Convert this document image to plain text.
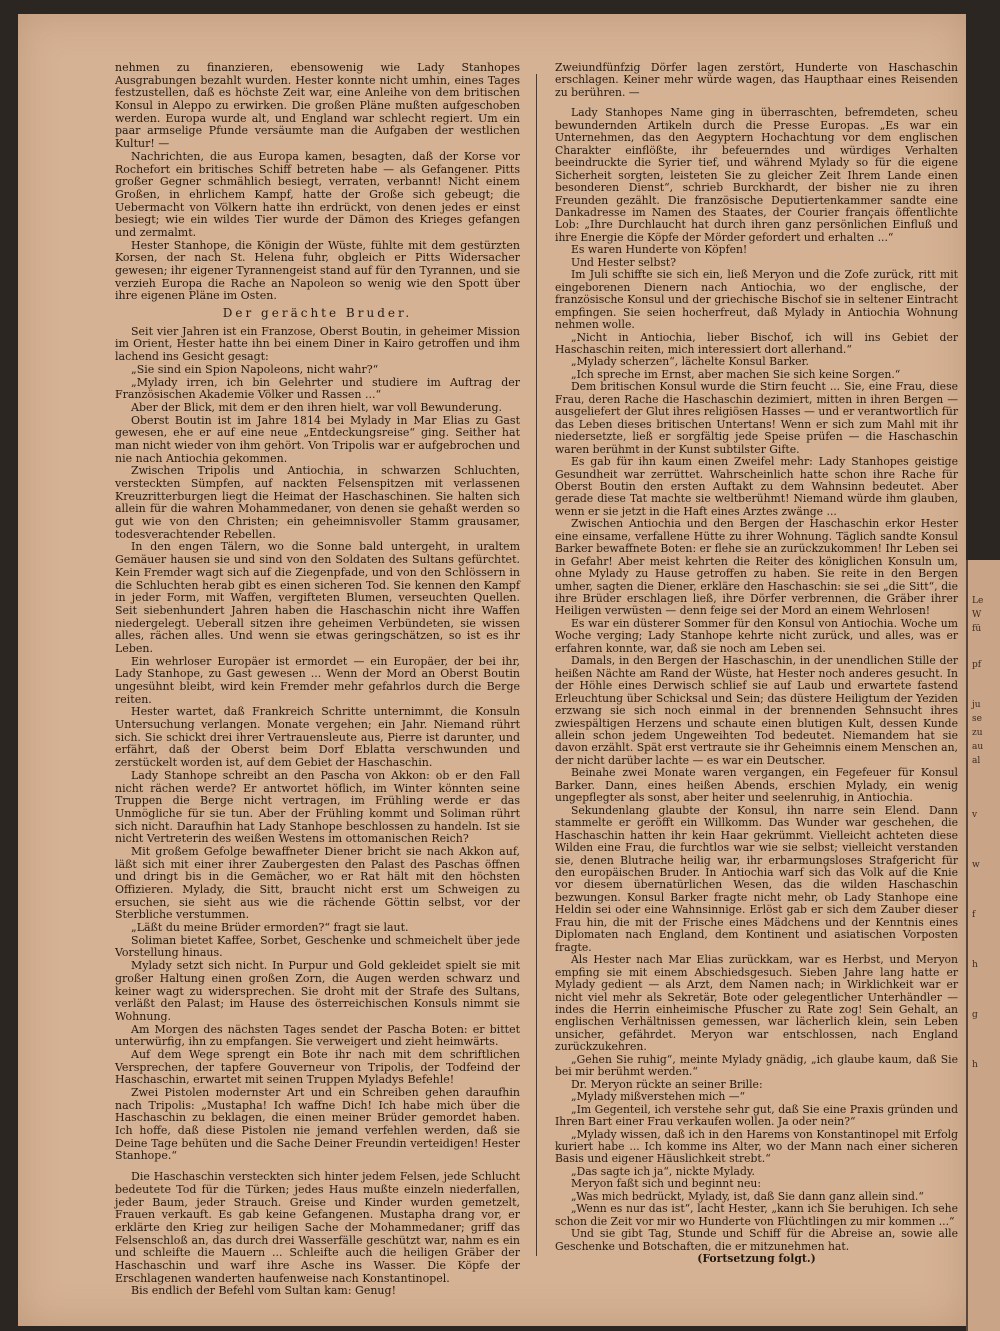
Le
W
fü
pf
ju
se
zu
au
al
v
w
f
h
g
h

nehmen zu finanzieren, ebensowenig wie Lady Stanhopes Ausgrabungen bezahlt wurden. Hester konnte nicht umhin, eines Tages festzustellen, daß es höchste Zeit war, eine Anleihe von dem britischen Konsul in Aleppo zu erwirken. Die großen Pläne mußten aufgeschoben werden. Europa wurde alt, und England war schlecht regiert. Um ein paar armselige Pfunde versäumte man die Aufgaben der westlichen Kultur! —

Nachrichten, die aus Europa kamen, besagten, daß der Korse vor Rochefort ein britisches Schiff betreten habe — als Gefangener. Pitts großer Gegner schmählich besiegt, verraten, verbannt! Nicht einem Großen, in ehrlichem Kampf, hatte der Große sich gebeugt; die Uebermacht von Völkern hatte ihn erdrückt, von denen jedes er einst besiegt; wie ein wildes Tier wurde der Dämon des Krieges gefangen und zermalmt.

Hester Stanhope, die Königin der Wüste, fühlte mit dem gestürzten Korsen, der nach St. Helena fuhr, obgleich er Pitts Widersacher gewesen; ihr eigener Tyrannengeist stand auf für den Tyrannen, und sie verzieh Europa die Rache an Napoleon so wenig wie den Spott über ihre eigenen Pläne im Osten.

Der gerächte Bruder.

Seit vier Jahren ist ein Franzose, Oberst Boutin, in geheimer Mission im Orient, Hester hatte ihn bei einem Diner in Kairo getroffen und ihm lachend ins Gesicht gesagt:

„Sie sind ein Spion Napoleons, nicht wahr?“

„Mylady irren, ich bin Gelehrter und studiere im Auftrag der Französischen Akademie Völker und Rassen ...“

Aber der Blick, mit dem er den ihren hielt, war voll Bewunderung.

Oberst Boutin ist im Jahre 1814 bei Mylady in Mar Elias zu Gast gewesen, ehe er auf eine neue „Entdeckungsreise“ ging. Seither hat man nicht wieder von ihm gehört. Von Tripolis war er aufgebrochen und nie nach Antiochia gekommen.

Zwischen Tripolis und Antiochia, in schwarzen Schluchten, versteckten Sümpfen, auf nackten Felsenspitzen mit verlassenen Kreuzritterburgen liegt die Heimat der Haschaschinen. Sie halten sich allein für die wahren Mohammedaner, von denen sie gehaßt werden so gut wie von den Christen; ein geheimnisvoller Stamm grausamer, todesverachtender Rebellen.

In den engen Tälern, wo die Sonne bald untergeht, in uraltem Gemäuer hausen sie und sind von den Soldaten des Sultans gefürchtet. Kein Fremder wagt sich auf die Ziegenpfade, und von den Schlössern in die Schluchten herab gibt es einen sicheren Tod. Sie kennen den Kampf in jeder Form, mit Waffen, vergifteten Blumen, verseuchten Quellen. Seit siebenhundert Jahren haben die Haschaschin nicht ihre Waffen niedergelegt. Ueberall sitzen ihre geheimen Verbündeten, sie wissen alles, rächen alles. Und wenn sie etwas geringschätzen, so ist es ihr Leben.

Ein wehrloser Europäer ist ermordet — ein Europäer, der bei ihr, Lady Stanhope, zu Gast gewesen ... Wenn der Mord an Oberst Boutin ungesühnt bleibt, wird kein Fremder mehr gefahrlos durch die Berge reiten.

Hester wartet, daß Frankreich Schritte unternimmt, die Konsuln Untersuchung verlangen. Monate vergehen; ein Jahr. Niemand rührt sich. Sie schickt drei ihrer Vertrauensleute aus, Pierre ist darunter, und erfährt, daß der Oberst beim Dorf Eblatta verschwunden und zerstückelt worden ist, auf dem Gebiet der Haschaschin.

Lady Stanhope schreibt an den Pascha von Akkon: ob er den Fall nicht rächen werde? Er antwortet höflich, im Winter könnten seine Truppen die Berge nicht vertragen, im Frühling werde er das Unmögliche für sie tun. Aber der Frühling kommt und Soliman rührt sich nicht. Daraufhin hat Lady Stanhope beschlossen zu handeln. Ist sie nicht Vertreterin des weißen Westens im ottomanischen Reich?

Mit großem Gefolge bewaffneter Diener bricht sie nach Akkon auf, läßt sich mit einer ihrer Zaubergesten den Palast des Paschas öffnen und dringt bis in die Gemächer, wo er Rat hält mit den höchsten Offizieren. Mylady, die Sitt, braucht nicht erst um Schweigen zu ersuchen, sie sieht aus wie die rächende Göttin selbst, vor der Sterbliche verstummen.

„Läßt du meine Brüder ermorden?“ fragt sie laut.

Soliman bietet Kaffee, Sorbet, Geschenke und schmeichelt über jede Vorstellung hinaus.

Mylady setzt sich nicht. In Purpur und Gold gekleidet spielt sie mit großer Haltung einen großen Zorn, die Augen werden schwarz und keiner wagt zu widersprechen. Sie droht mit der Strafe des Sultans, verläßt den Palast; im Hause des österreichischen Konsuls nimmt sie Wohnung.

Am Morgen des nächsten Tages sendet der Pascha Boten: er bittet unterwürfig, ihn zu empfangen. Sie verweigert und zieht heimwärts.

Auf dem Wege sprengt ein Bote ihr nach mit dem schriftlichen Versprechen, der tapfere Gouverneur von Tripolis, der Todfeind der Haschaschin, erwartet mit seinen Truppen Myladys Befehle!

Zwei Pistolen modernster Art und ein Schreiben gehen daraufhin nach Tripolis: „Mustapha! Ich waffne Dich! Ich habe mich über die Haschaschin zu beklagen, die einen meiner Brüder gemordet haben. Ich hoffe, daß diese Pistolen nie jemand verfehlen werden, daß sie Deine Tage behüten und die Sache Deiner Freundin verteidigen! Hester Stanhope.“

Die Haschaschin versteckten sich hinter jedem Felsen, jede Schlucht bedeutete Tod für die Türken; jedes Haus mußte einzeln niederfallen, jeder Baum, jeder Strauch. Greise und Kinder wurden gemetzelt, Frauen verkauft. Es gab keine Gefangenen. Mustapha drang vor, er erklärte den Krieg zur heiligen Sache der Mohammedaner; griff das Felsenschloß an, das durch drei Wasserfälle geschützt war, nahm es ein und schleifte die Mauern ... Schleifte auch die heiligen Gräber der Haschaschin und warf ihre Asche ins Wasser. Die Köpfe der Erschlagenen wanderten haufenweise nach Konstantinopel.

Bis endlich der Befehl vom Sultan kam: Genug!

Zweiundfünfzig Dörfer lagen zerstört, Hunderte von Haschaschin erschlagen. Keiner mehr würde wagen, das Haupthaar eines Reisenden zu berühren. —

Lady Stanhopes Name ging in überraschten, befremdeten, scheu bewundernden Artikeln durch die Presse Europas. „Es war ein Unternehmen, das den Aegyptern Hochachtung vor dem englischen Charakter einflößte, ihr befeuerndes und würdiges Verhalten beeindruckte die Syrier tief, und während Mylady so für die eigene Sicherheit sorgten, leisteten Sie zu gleicher Zeit Ihrem Lande einen besonderen Dienst“, schrieb Burckhardt, der bisher nie zu ihren Freunden gezählt. Die französische Deputiertenkammer sandte eine Dankadresse im Namen des Staates, der Courier français öffentlichte Lob: „Ihre Durchlaucht hat durch ihren ganz persönlichen Einfluß und ihre Energie die Köpfe der Mörder gefordert und erhalten ...“

Es waren Hunderte von Köpfen!

Und Hester selbst?

Im Juli schiffte sie sich ein, ließ Meryon und die Zofe zurück, ritt mit eingeborenen Dienern nach Antiochia, wo der englische, der französische Konsul und der griechische Bischof sie in seltener Eintracht empfingen. Sie seien hocherfreut, daß Mylady in Antiochia Wohnung nehmen wolle.

„Nicht in Antiochia, lieber Bischof, ich will ins Gebiet der Haschaschin reiten, mich interessiert dort allerhand.“

„Mylady scherzen“, lächelte Konsul Barker.

„Ich spreche im Ernst, aber machen Sie sich keine Sorgen.“

Dem britischen Konsul wurde die Stirn feucht ... Sie, eine Frau, diese Frau, deren Rache die Haschaschin dezimiert, mitten in ihren Bergen — ausgeliefert der Glut ihres religiösen Hasses — und er verantwortlich für das Leben dieses britischen Untertans! Wenn er sich zum Mahl mit ihr niedersetzte, ließ er sorgfältig jede Speise prüfen — die Haschaschin waren berühmt in der Kunst subtilster Gifte.

Es gab für ihn kaum einen Zweifel mehr: Lady Stanhopes geistige Gesundheit war zerrüttet. Wahrscheinlich hatte schon ihre Rache für Oberst Boutin den ersten Auftakt zu dem Wahnsinn bedeutet. Aber gerade diese Tat machte sie weltberühmt! Niemand würde ihm glauben, wenn er sie jetzt in die Haft eines Arztes zwänge ...

Zwischen Antiochia und den Bergen der Haschaschin erkor Hester eine einsame, verfallene Hütte zu ihrer Wohnung. Täglich sandte Konsul Barker bewaffnete Boten: er flehe sie an zurückzukommen! Ihr Leben sei in Gefahr! Aber meist kehrten die Reiter des königlichen Konsuln um, ohne Mylady zu Hause getroffen zu haben. Sie reite in den Bergen umher, sagten die Diener, erkläre den Haschaschin: sie sei „die Sitt“, die ihre Brüder erschlagen ließ, ihre Dörfer verbrennen, die Gräber ihrer Heiligen verwüsten — denn feige sei der Mord an einem Wehrlosen!

Es war ein düsterer Sommer für den Konsul von Antiochia. Woche um Woche verging; Lady Stanhope kehrte nicht zurück, und alles, was er erfahren konnte, war, daß sie noch am Leben sei.

Damals, in den Bergen der Haschaschin, in der unendlichen Stille der heißen Nächte am Rand der Wüste, hat Hester noch anderes gesucht. In der Höhle eines Derwisch schlief sie auf Laub und erwartete fastend Erleuchtung über Schicksal und Sein; das düstere Heiligtum der Yeziden erzwang sie sich noch einmal in der brennenden Sehnsucht ihres zwiespältigen Herzens und schaute einen blutigen Kult, dessen Kunde allein schon jedem Ungeweihten Tod bedeutet. Niemandem hat sie davon erzählt. Spät erst vertraute sie ihr Geheimnis einem Menschen an, der nicht darüber lachte — es war ein Deutscher.

Beinahe zwei Monate waren vergangen, ein Fegefeuer für Konsul Barker. Dann, eines heißen Abends, erschien Mylady, ein wenig ungepflegter als sonst, aber heiter und seelenruhig, in Antiochia.

Sekundenlang glaubte der Konsul, ihn narre sein Elend. Dann stammelte er geröfft ein Willkomm. Das Wunder war geschehen, die Haschaschin hatten ihr kein Haar gekrümmt. Vielleicht achteten diese Wilden eine Frau, die furchtlos war wie sie selbst; vielleicht verstanden sie, denen Blutrache heilig war, ihr erbarmungsloses Strafgericht für den europäischen Bruder. In Antiochia warf sich das Volk auf die Knie vor diesem übernatürlichen Wesen, das die wilden Haschaschin bezwungen. Konsul Barker fragte nicht mehr, ob Lady Stanhope eine Heldin sei oder eine Wahnsinnige. Erlöst gab er sich dem Zauber dieser Frau hin, die mit der Frische eines Mädchens und der Kenntnis eines Diplomaten nach England, dem Kontinent und asiatischen Vorposten fragte.

Als Hester nach Mar Elias zurückkam, war es Herbst, und Meryon empfing sie mit einem Abschiedsgesuch. Sieben Jahre lang hatte er Mylady gedient — als Arzt, dem Namen nach; in Wirklichkeit war er nicht viel mehr als Sekretär, Bote oder gelegentlicher Unterhändler — indes die Herrin einheimische Pfuscher zu Rate zog! Sein Gehalt, an englischen Verhältnissen gemessen, war lächerlich klein, sein Leben unsicher, gefährdet. Meryon war entschlossen, nach England zurückzukehren.

„Gehen Sie ruhig“, meinte Mylady gnädig, „ich glaube kaum, daß Sie bei mir berühmt werden.“

Dr. Meryon rückte an seiner Brille:

„Mylady mißverstehen mich —“

„Im Gegenteil, ich verstehe sehr gut, daß Sie eine Praxis gründen und Ihren Bart einer Frau verkaufen wollen. Ja oder nein?“

„Mylady wissen, daß ich in den Harems von Konstantinopel mit Erfolg kuriert habe ... Ich komme ins Alter, wo der Mann nach einer sicheren Basis und eigener Häuslichkeit strebt.“

„Das sagte ich ja“, nickte Mylady.

Meryon faßt sich und beginnt neu:

„Was mich bedrückt, Mylady, ist, daß Sie dann ganz allein sind.“

„Wenn es nur das ist“, lacht Hester, „kann ich Sie beruhigen. Ich sehe schon die Zeit vor mir wo Hunderte von Flüchtlingen zu mir kommen ...“

Und sie gibt Tag, Stunde und Schiff für die Abreise an, sowie alle Geschenke und Botschaften, die er mitzunehmen hat.

(Fortsetzung folgt.)
